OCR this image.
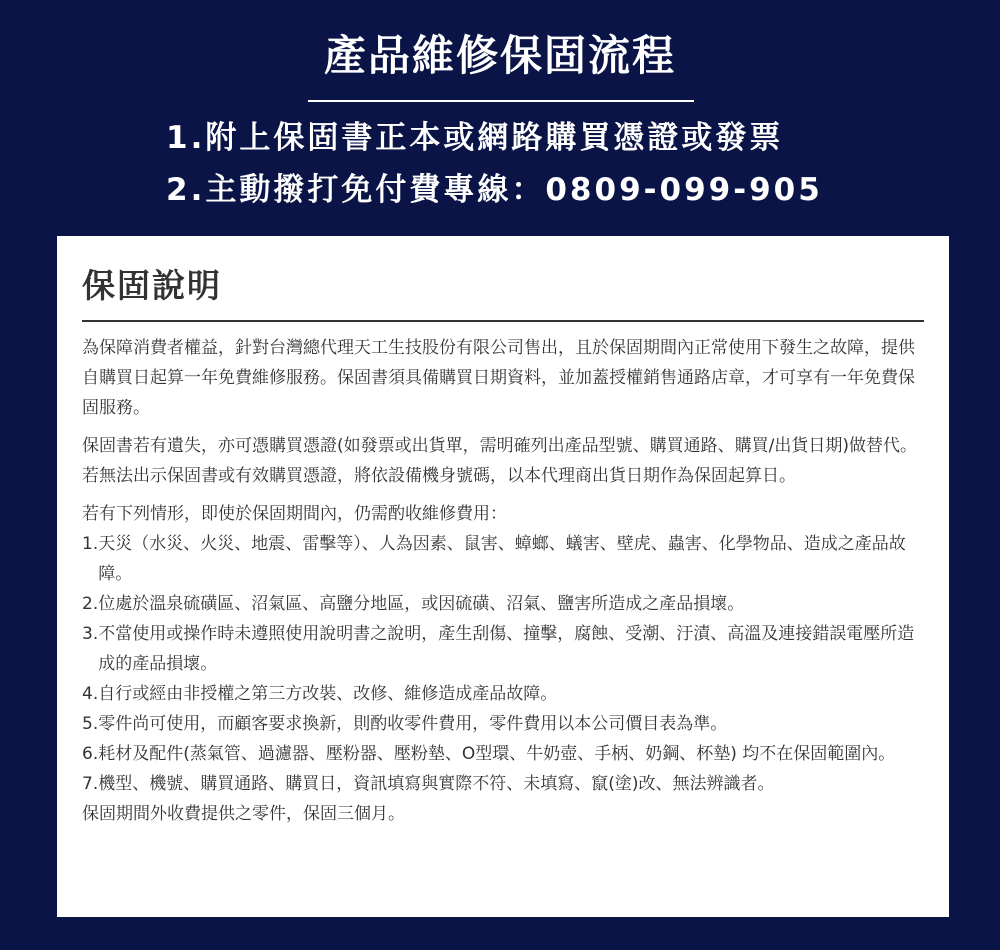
產品維修保固流程
1.附上保固書正本或網路購買憑證或發票
2.主動撥打免付費專線：0809-099-905
保固說明

為保障消費者權益，針對台灣總代理天工生技股份有限公司售出，且於保固期間內正常使用下發生之故障，提供自購買日起算一年免費維修服務。保固書須具備購買日期資料，並加蓋授權銷售通路店章，才可享有一年免費保固服務。

保固書若有遺失，亦可憑購買憑證(如發票或出貨單，需明確列出產品型號、購買通路、購買/出貨日期)做替代。若無法出示保固書或有效購買憑證，將依設備機身號碼，以本代理商出貨日期作為保固起算日。

若有下列情形，即使於保固期間內，仍需酌收維修費用：

1. 天災（水災、火災、地震、雷擊等）、人為因素、鼠害、蟑螂、蟻害、壁虎、蟲害、化學物品、造成之產品故障。
2. 位處於溫泉硫磺區、沼氣區、高鹽分地區，或因硫磺、沼氣、鹽害所造成之產品損壞。
3. 不當使用或操作時未遵照使用說明書之說明，產生刮傷、撞擊，腐蝕、受潮、汙漬、高溫及連接錯誤電壓所造成的產品損壞。
4. 自行或經由非授權之第三方改裝、改修、維修造成產品故障。
5. 零件尚可使用，而顧客要求換新，則酌收零件費用，零件費用以本公司價目表為準。
6. 耗材及配件(蒸氣管、過濾器、壓粉器、壓粉墊、O型環、牛奶壺、手柄、奶鋼、杯墊) 均不在保固範圍內。
7. 機型、機號、購買通路、購買日，資訊填寫與實際不符、未填寫、竄(塗)改、無法辨識者。

保固期間外收費提供之零件，保固三個月。
